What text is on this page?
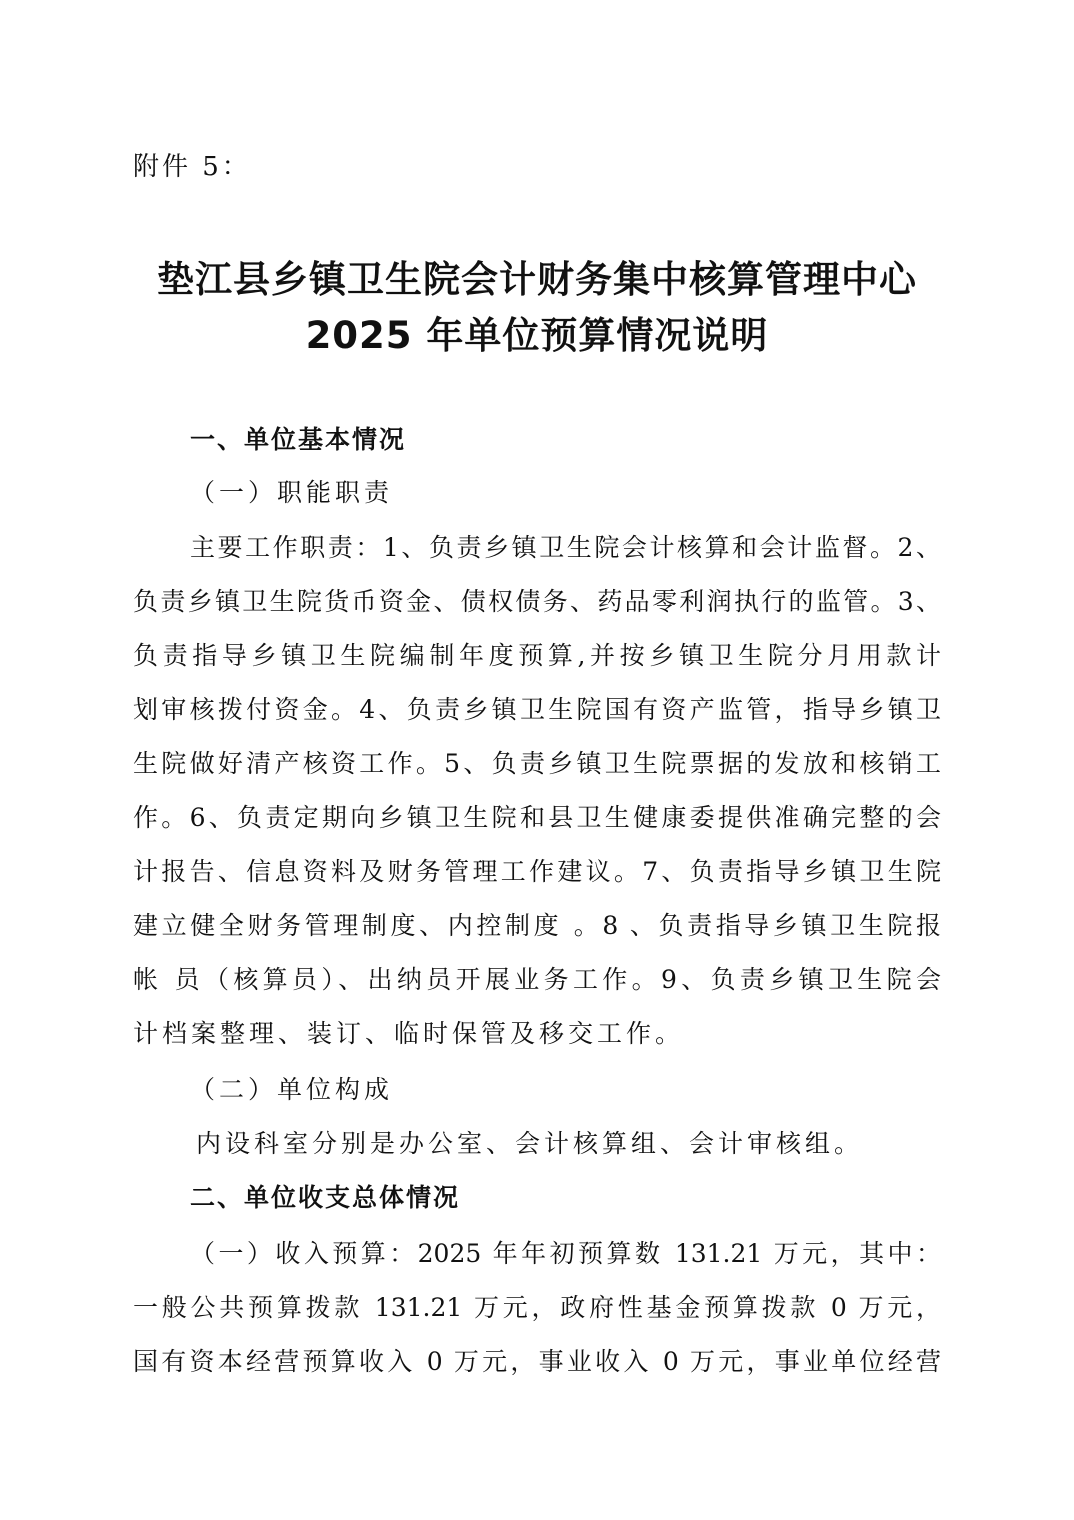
附件 5：
垫江县乡镇卫生院会计财务集中核算管理中心
2025 年单位预算情况说明
一、单位基本情况
（一）职能职责
主要工作职责：1、负责乡镇卫生院会计核算和会计监督。2、
负责乡镇卫生院货币资金、债权债务、药品零利润执行的监管。3、
负责指导乡镇卫生院编制年度预算,并按乡镇卫生院分月用款计
划审核拨付资金。4、负责乡镇卫生院国有资产监管，指导乡镇卫
生院做好清产核资工作。5、负责乡镇卫生院票据的发放和核销工
作。6、负责定期向乡镇卫生院和县卫生健康委提供准确完整的会
计报告、信息资料及财务管理工作建议。7、负责指导乡镇卫生院
建立健全财务管理制度、内控制度 。8 、负责指导乡镇卫生院报
帐 员（核算员）、出纳员开展业务工作。9、负责乡镇卫生院会
计档案整理、装订、临时保管及移交工作。
（二）单位构成
内设科室分别是办公室、会计核算组、会计审核组。
二、单位收支总体情况
（一）收入预算：2025 年年初预算数 131.21 万元，其中：
一般公共预算拨款 131.21 万元，政府性基金预算拨款 0 万元，
国有资本经营预算收入 0 万元，事业收入 0 万元，事业单位经营
